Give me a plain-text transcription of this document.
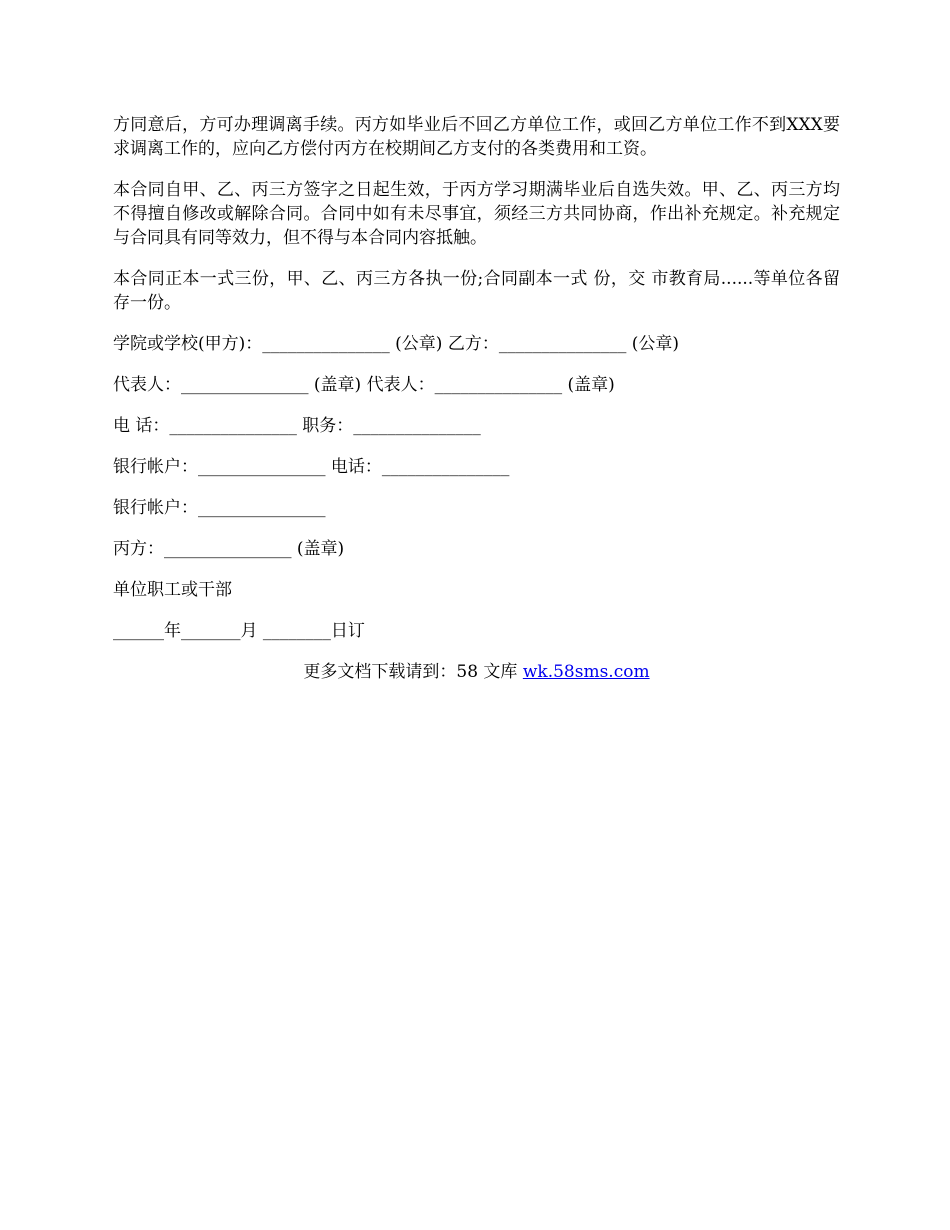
方同意后，方可办理调离手续。丙方如毕业后不回乙方单位工作，或回乙方单位工作不到XXX要求调离工作的，应向乙方偿付丙方在校期间乙方支付的各类费用和工资。

本合同自甲、乙、丙三方签字之日起生效，于丙方学习期满毕业后自选失效。甲、乙、丙三方均不得擅自修改或解除合同。合同中如有未尽事宜，须经三方共同协商，作出补充规定。补充规定与合同具有同等效力，但不得与本合同内容抵触。

本合同正本一式三份，甲、乙、丙三方各执一份;合同副本一式 份，交 市教育局......等单位各留存一份。

学院或学校(甲方)：_______________ (公章) 乙方：_______________ (公章)
代表人：_______________ (盖章) 代表人：_______________ (盖章)
电 话：_______________ 职务：_______________
银行帐户：_______________ 电话：_______________
银行帐户：_______________
丙方：_______________ (盖章)
单位职工或干部
______年_______月 ________日订
更多文档下载请到：58 文库 wk.58sms.com
